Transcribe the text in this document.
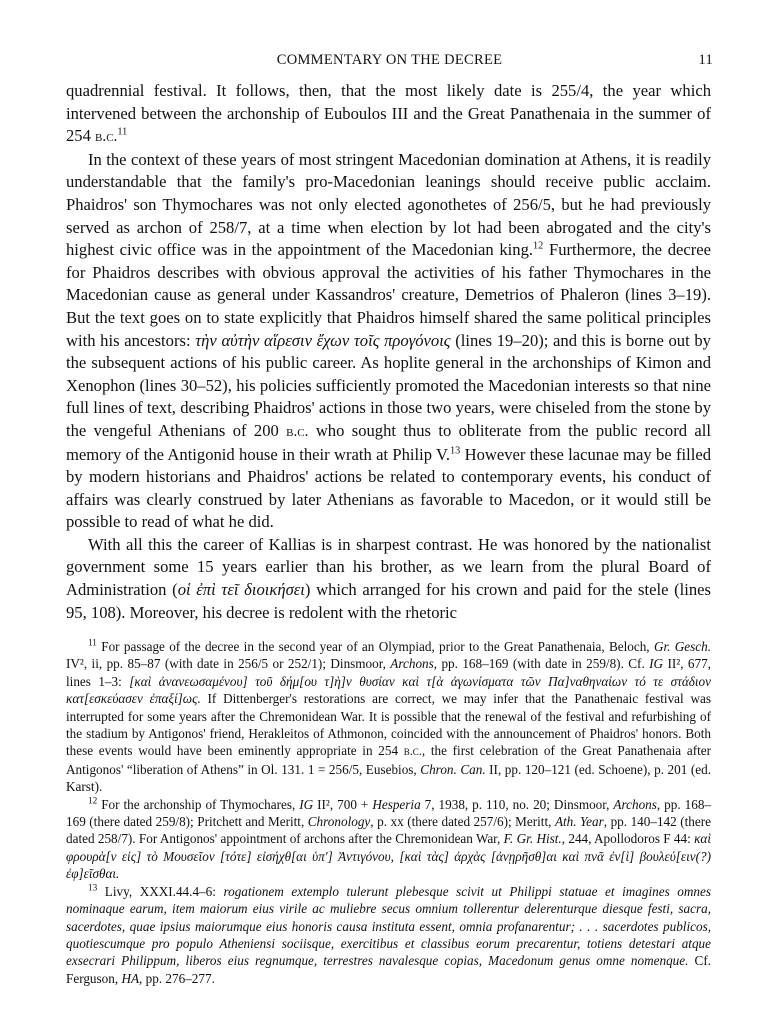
COMMENTARY ON THE DECREE	11

quadrennial festival. It follows, then, that the most likely date is 255/4, the year which intervened between the archonship of Euboulos III and the Great Panathenaia in the summer of 254 b.c.$^{11}$

In the context of these years of most stringent Macedonian domination at Athens, it is readily understandable that the family's pro-Macedonian leanings should receive public acclaim. Phaidros' son Thymochares was not only elected agonothetes of 256/5, but he had previously served as archon of 258/7, at a time when election by lot had been abrogated and the city's highest civic office was in the appointment of the Macedonian king.$^{12}$ Furthermore, the decree for Phaidros describes with obvious approval the activities of his father Thymochares in the Macedonian cause as general under Kassandros' creature, Demetrios of Phaleron (lines 3–19). But the text goes on to state explicitly that Phaidros himself shared the same political principles with his ancestors: τὴν αὐτὴν αἵρεσιν ἔχων τοῖς προγόνοις (lines 19–20); and this is borne out by the subsequent actions of his public career. As hoplite general in the archonships of Kimon and Xenophon (lines 30–52), his policies sufficiently promoted the Macedonian interests so that nine full lines of text, describing Phaidros' actions in those two years, were chiseled from the stone by the vengeful Athenians of 200 b.c. who sought thus to obliterate from the public record all memory of the Antigonid house in their wrath at Philip V.$^{13}$ However these lacunae may be filled by modern historians and Phaidros' actions be related to contemporary events, his conduct of affairs was clearly construed by later Athenians as favorable to Macedon, or it would still be possible to read of what he did.

With all this the career of Kallias is in sharpest contrast. He was honored by the nationalist government some 15 years earlier than his brother, as we learn from the plural Board of Administration (οἱ ἐπὶ τεῖ διοικήσει) which arranged for his crown and paid for the stele (lines 95, 108). Moreover, his decree is redolent with the rhetoric

$^{11}$ For passage of the decree in the second year of an Olympiad, prior to the Great Panathenaia, Beloch, Gr. Gesch. IV², ii, pp. 85–87 (with date in 256/5 or 252/1); Dinsmoor, Archons, pp. 168–169 (with date in 259/8). Cf. IG II², 677, lines 1–3: [καὶ ἀνανεωσαμένου] τοῦ δήμ[ου τ]ὴ]ν θυσίαν καὶ τ[ὰ ἀγωνίσματα τῶν Πα]ναθηναίων τό τε στάδιον κατ[εσκεύασεν ἐπαξί]ως. If Dittenberger's restorations are correct, we may infer that the Panathenaic festival was interrupted for some years after the Chremonidean War. It is possible that the renewal of the festival and refurbishing of the stadium by Antigonos' friend, Herakleitos of Athmonon, coincided with the announcement of Phaidros' honors. Both these events would have been eminently appropriate in 254 b.c., the first celebration of the Great Panathenaia after Antigonos' “liberation of Athens” in Ol. 131. 1 = 256/5, Eusebios, Chron. Can. II, pp. 120–121 (ed. Schoene), p. 201 (ed. Karst).

$^{12}$ For the archonship of Thymochares, IG II², 700 + Hesperia 7, 1938, p. 110, no. 20; Dinsmoor, Archons, pp. 168–169 (there dated 259/8); Pritchett and Meritt, Chronology, p. xx (there dated 257/6); Meritt, Ath. Year, pp. 140–142 (there dated 258/7). For Antigonos' appointment of archons after the Chremonidean War, F. Gr. Hist., 244, Apollodoros F 44: καὶ φρουρὰ[ν εἰς] τὸ Μουσεῖον [τότε] εἰσήχθ[αι ὑπ'] Ἀντιγόνου, [καὶ τὰς] ἀρχὰς [ἀνῃρῆσθ]αι καὶ πνᾶ ἐν[ὶ] βουλεύ[ειν(?) ἐφ]εῖσθαι.

$^{13}$ Livy, XXXI.44.4–6: rogationem extemplo tulerunt plebesque scivit ut Philippi statuae et imagines omnes nominaque earum, item maiorum eius virile ac muliebre secus omnium tollerentur delerenturque diesque festi, sacra, sacerdotes, quae ipsius maiorumque eius honoris causa instituta essent, omnia profanarentur; . . . sacerdotes publicos, quotiescumque pro populo Atheniensi sociisque, exercitibus et classibus eorum precarentur, totiens detestari atque exsecrari Philippum, liberos eius regnumque, terrestres navalesque copias, Macedonum genus omne nomenque. Cf. Ferguson, HA, pp. 276–277.
